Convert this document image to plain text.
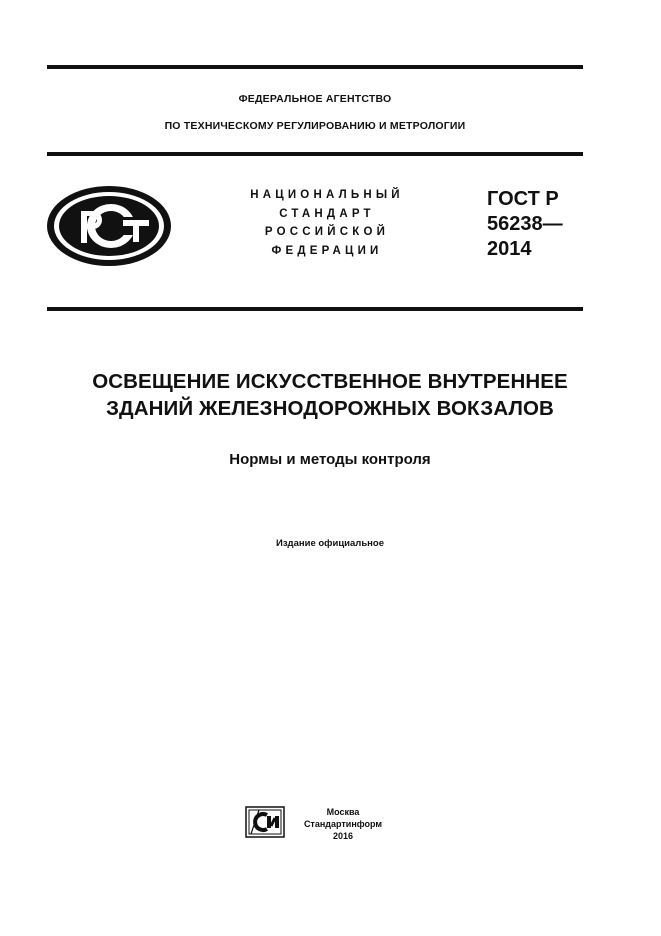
ФЕДЕРАЛЬНОЕ АГЕНТСТВО
ПО ТЕХНИЧЕСКОМУ РЕГУЛИРОВАНИЮ И МЕТРОЛОГИИ
НАЦИОНАЛЬНЫЙ
СТАНДАРТ
РОССИЙСКОЙ
ФЕДЕРАЦИИ
ГОСТ Р
56238—
2014
ОСВЕЩЕНИЕ ИСКУССТВЕННОЕ ВНУТРЕННЕЕ
ЗДАНИЙ ЖЕЛЕЗНОДОРОЖНЫХ ВОКЗАЛОВ
Нормы и методы контроля
Издание официальное
Москва
Стандартинформ
2016
